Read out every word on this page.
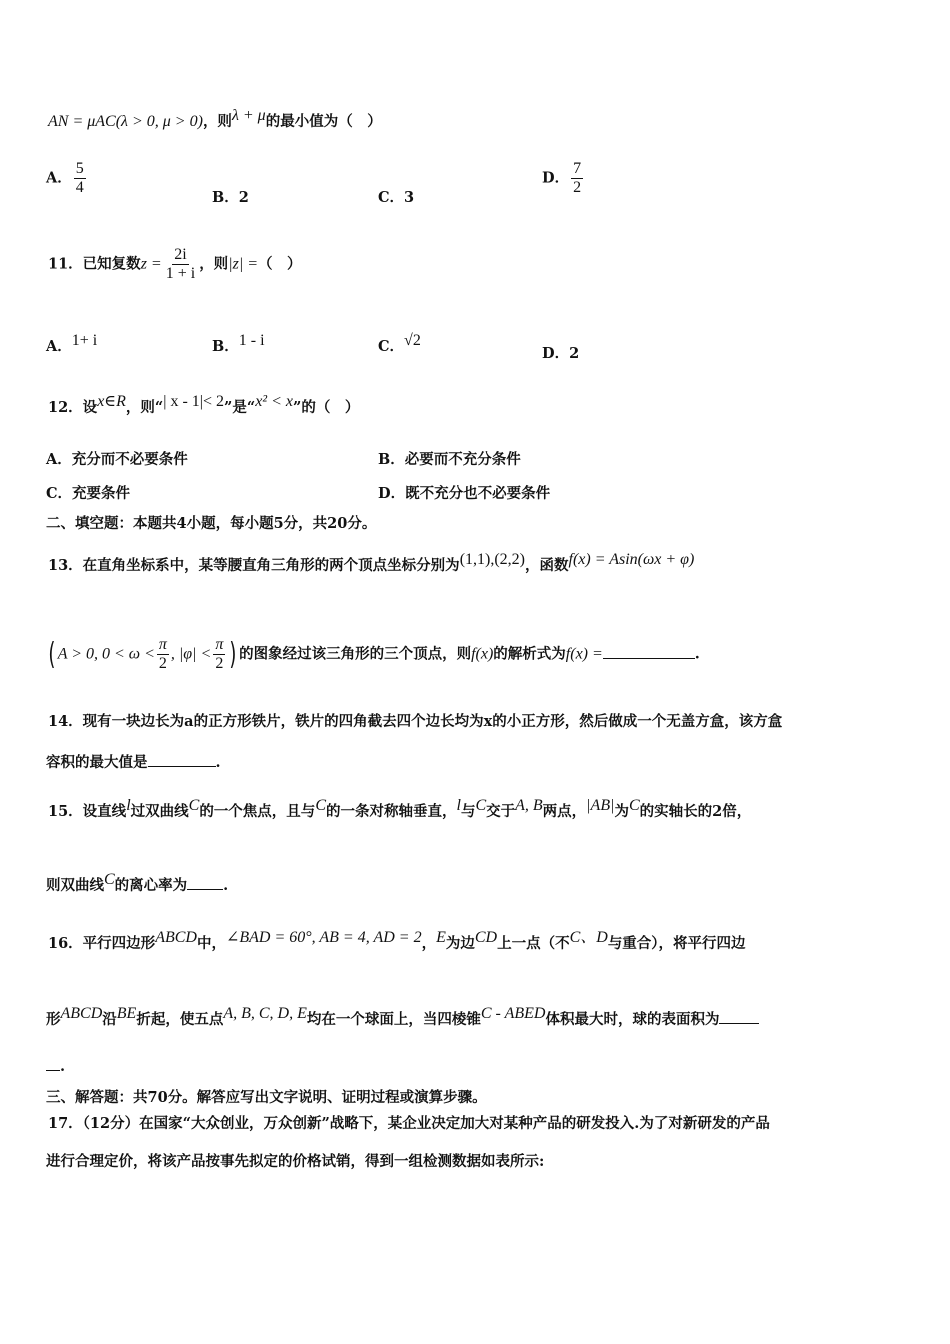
AN = μAC(λ > 0, μ > 0)，则$^{\lambda + \mu}$的最小值为（　）
A． $\frac{5}{4}$
B．2	C．3
D． $\frac{7}{2}$
11．已知复数$z = \frac{2i}{1 + i}$ ，则|z| =（　）
A．$^{1+ i}$	B．$^{1 - i}$	C．$^{√2}$
D．2
12．设$^{x\in R}$，则“$^{| x - 1|< 2}$”是“$^{x^2 < x}$”的（　）
A．充分而不必要条件	B．必要而不充分条件
C．充要条件	D．既不充分也不必要条件
二、填空题：本题共4小题，每小题5分，共20分。
13．在直角坐标系中，某等腰直角三角形的两个顶点坐标分别为$^{(1,1),(2,2)}$，函数$^{f(x) = Asin(\omega x + \varphi)}$
( A > 0, $0 < \omega < \frac{\pi}{2}$ , $|\varphi| < \frac{\pi}{2}$ ) 的图象经过该三角形的三个顶点，则f(x)的解析式为f(x) =	.
14．现有一块边长为a的正方形铁片，铁片的四角截去四个边长均为x的小正方形，然后做成一个无盖方盒，该方盒
容积的最大值是	.
15．设直线$^l$过双曲线$^C$的一个焦点，且与$^C$的一条对称轴垂直，$^l$与$^C$交于$^{A, B}$两点，$^{|AB|}$为$^C$的实轴长的2倍，
则双曲线$^C$的离心率为 .
16．平行四边形$^{ABCD}$中，$^{\angle BAD = 60^\circ, AB = 4, AD = 2}$，$^E$为边$^{CD}$上一点（不$^{C、D}$与重合），将平行四边
形$^{ABCD}$沿$^{BE}$折起，使五点$^{A, B, C, D, E}$均在一个球面上，当四棱锥$^{C - ABED}$体积最大时，球的表面积为
.
三、解答题：共70分。解答应写出文字说明、证明过程或演算步骤。
17．（12分）在国家“大众创业，万众创新”战略下，某企业决定加大对某种产品的研发投入.为了对新研发的产品
进行合理定价，将该产品按事先拟定的价格试销，得到一组检测数据如表所示:
